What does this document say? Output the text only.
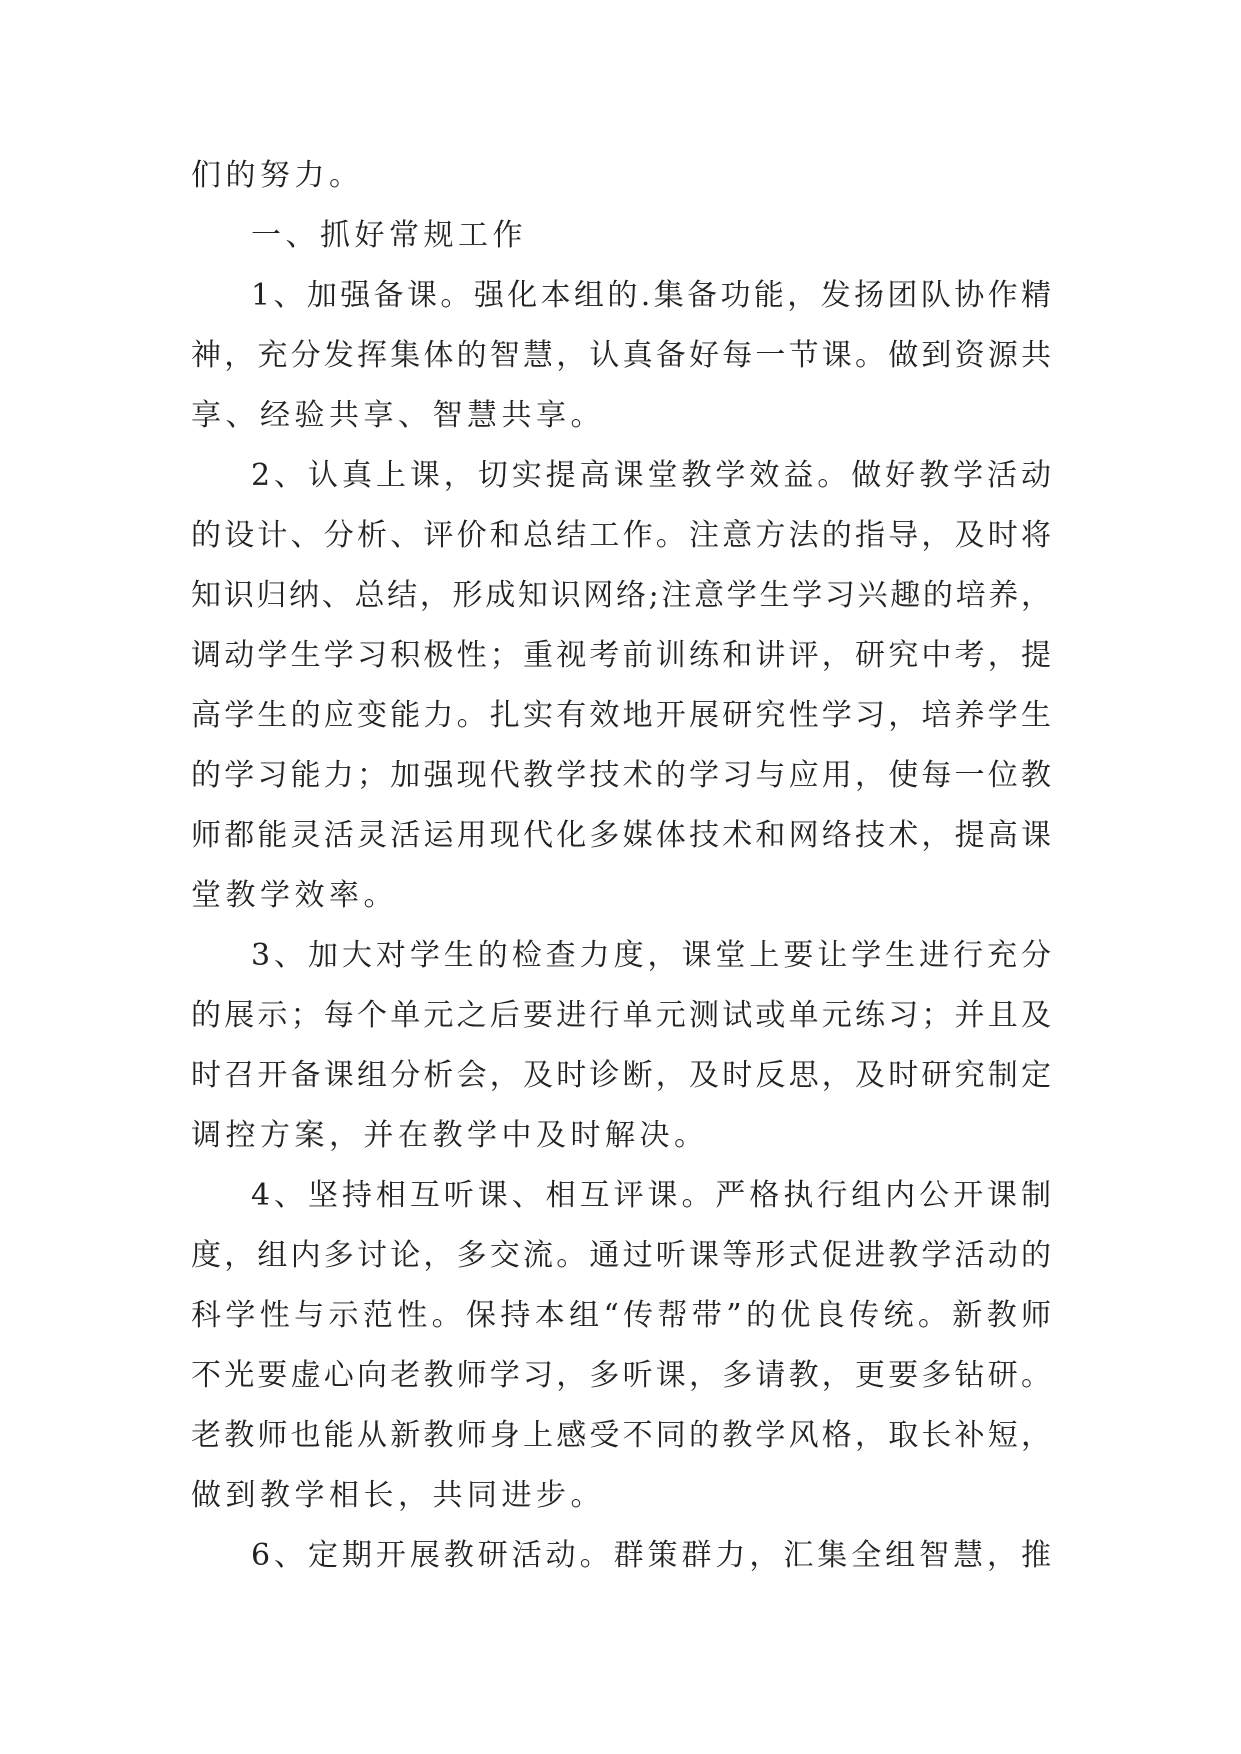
们的努力。
一、抓好常规工作
1、加强备课。强化本组的.集备功能，发扬团队协作精
神，充分发挥集体的智慧，认真备好每一节课。做到资源共
享、经验共享、智慧共享。
2、认真上课，切实提高课堂教学效益。做好教学活动
的设计、分析、评价和总结工作。注意方法的指导，及时将
知识归纳、总结，形成知识网络;注意学生学习兴趣的培养，
调动学生学习积极性；重视考前训练和讲评，研究中考，提
高学生的应变能力。扎实有效地开展研究性学习，培养学生
的学习能力；加强现代教学技术的学习与应用，使每一位教
师都能灵活灵活运用现代化多媒体技术和网络技术，提高课
堂教学效率。
3、加大对学生的检查力度，课堂上要让学生进行充分
的展示；每个单元之后要进行单元测试或单元练习；并且及
时召开备课组分析会，及时诊断，及时反思，及时研究制定
调控方案，并在教学中及时解决。
4、坚持相互听课、相互评课。严格执行组内公开课制
度，组内多讨论，多交流。通过听课等形式促进教学活动的
科学性与示范性。保持本组“传帮带”的优良传统。新教师
不光要虚心向老教师学习，多听课，多请教，更要多钻研。
老教师也能从新教师身上感受不同的教学风格，取长补短，
做到教学相长，共同进步。
6、定期开展教研活动。群策群力，汇集全组智慧，推
